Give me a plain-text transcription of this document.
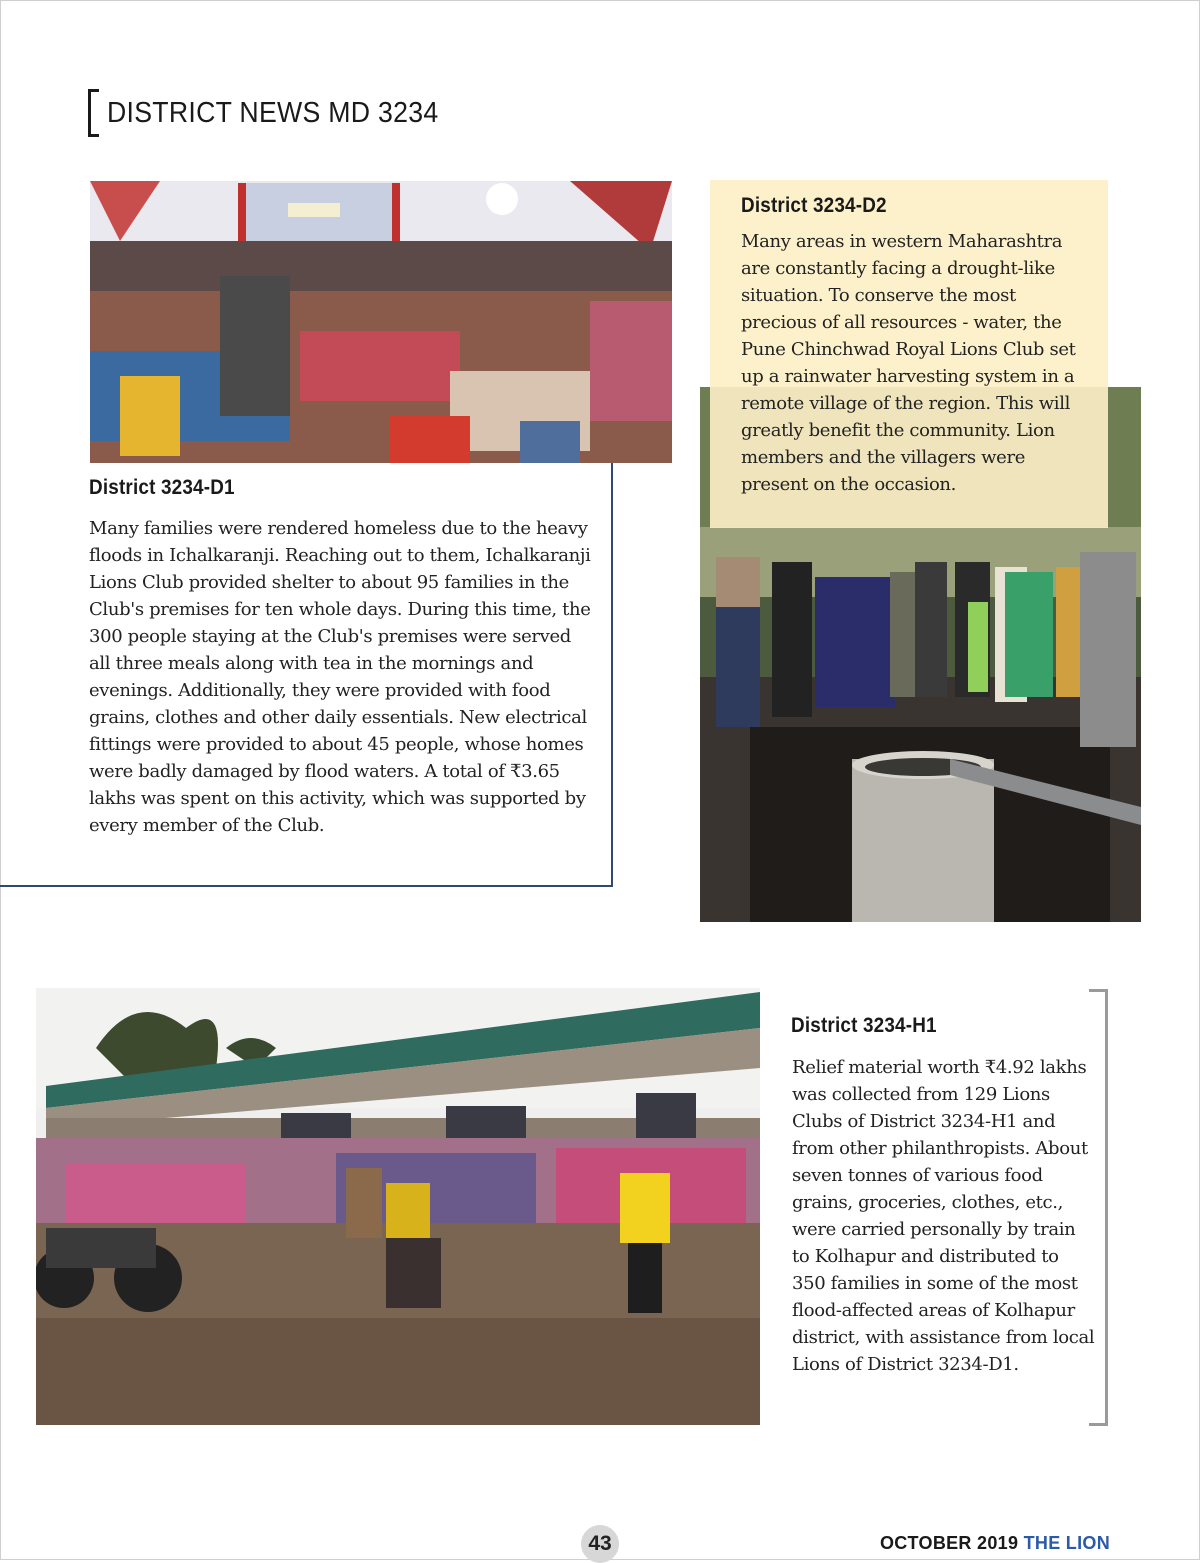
DISTRICT NEWS MD 3234
District 3234-D1
Many families were rendered homeless due to the heavy floods in Ichalkaranji. Reaching out to them, Ichalkaranji Lions Club provided shelter to about 95 families in the Club's premises for ten whole days. During this time, the 300 people staying at the Club's premises were served all three meals along with tea in the mornings and evenings. Additionally, they were provided with food grains, clothes and other daily essentials. New electrical fittings were provided to about 45 people, whose homes were badly damaged by flood waters. A total of ₹3.65 lakhs was spent on this activity, which was supported by every member of the Club.
District 3234-D2
Many areas in western Maharashtra are constantly facing a drought-like situation. To conserve the most precious of all resources - water, the Pune Chinchwad Royal Lions Club set up a rainwater harvesting system in a remote village of the region. This will greatly benefit the community. Lion members and the villagers were present on the occasion.
District 3234-H1
Relief material worth ₹4.92 lakhs was collected from 129 Lions Clubs of District 3234-H1 and from other philanthropists. About seven tonnes of various food grains, groceries, clothes, etc., were carried personally by train to Kolhapur and distributed to 350 families in some of the most flood-affected areas of Kolhapur district, with assistance from local Lions of District 3234-D1.
43	OCTOBER 2019 THE LION
